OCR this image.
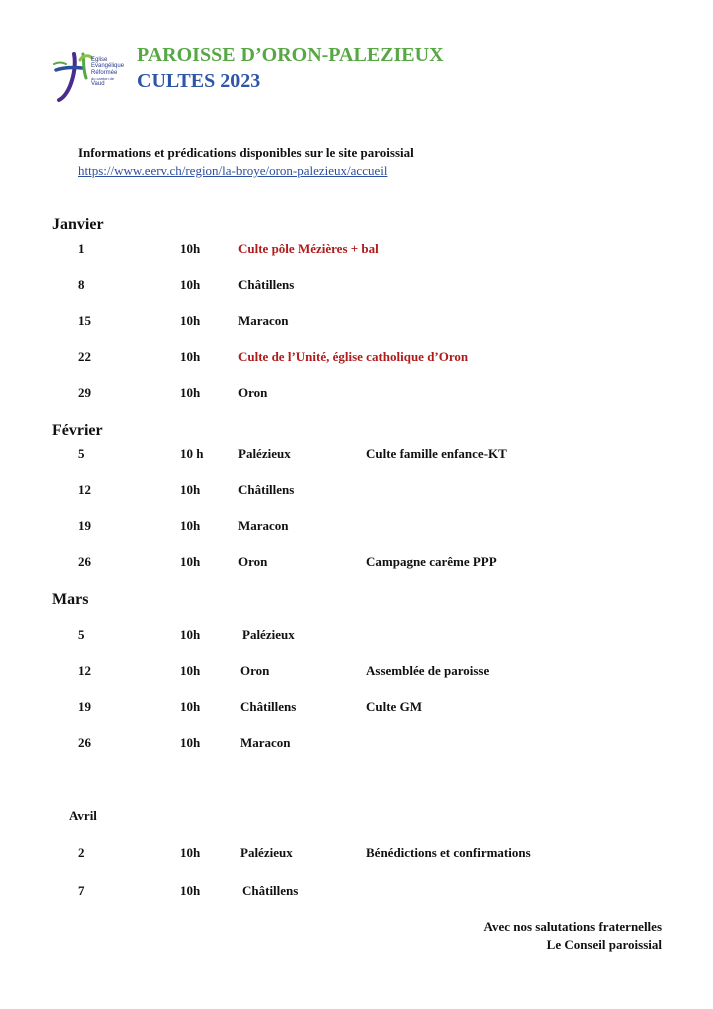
Eglise
Evangélique
Réformée
du canton de
Vaud
PAROISSE D’ORON-PALEZIEUX
CULTES 2023
Informations et prédications disponibles sur le site paroissial
https://www.eerv.ch/region/la-broye/oron-palezieux/accueil
Janvier
1	10h	Culte pôle Mézières + bal
8	10h	Châtillens
15	10h	Maracon
22	10h	Culte de l’Unité, église catholique d’Oron
29	10h	Oron
Février
5	10 h	Palézieux	Culte famille enfance-KT
12	10h	Châtillens
19	10h	Maracon
26	10h	Oron	Campagne carême PPP
Mars
5	10h	Palézieux
12	10h	Oron	Assemblée de paroisse
19	10h	Châtillens	Culte GM
26	10h	Maracon
Avril
2	10h	Palézieux	Bénédictions et confirmations
7	10h	Châtillens
Avec nos salutations fraternelles
Le Conseil paroissial
